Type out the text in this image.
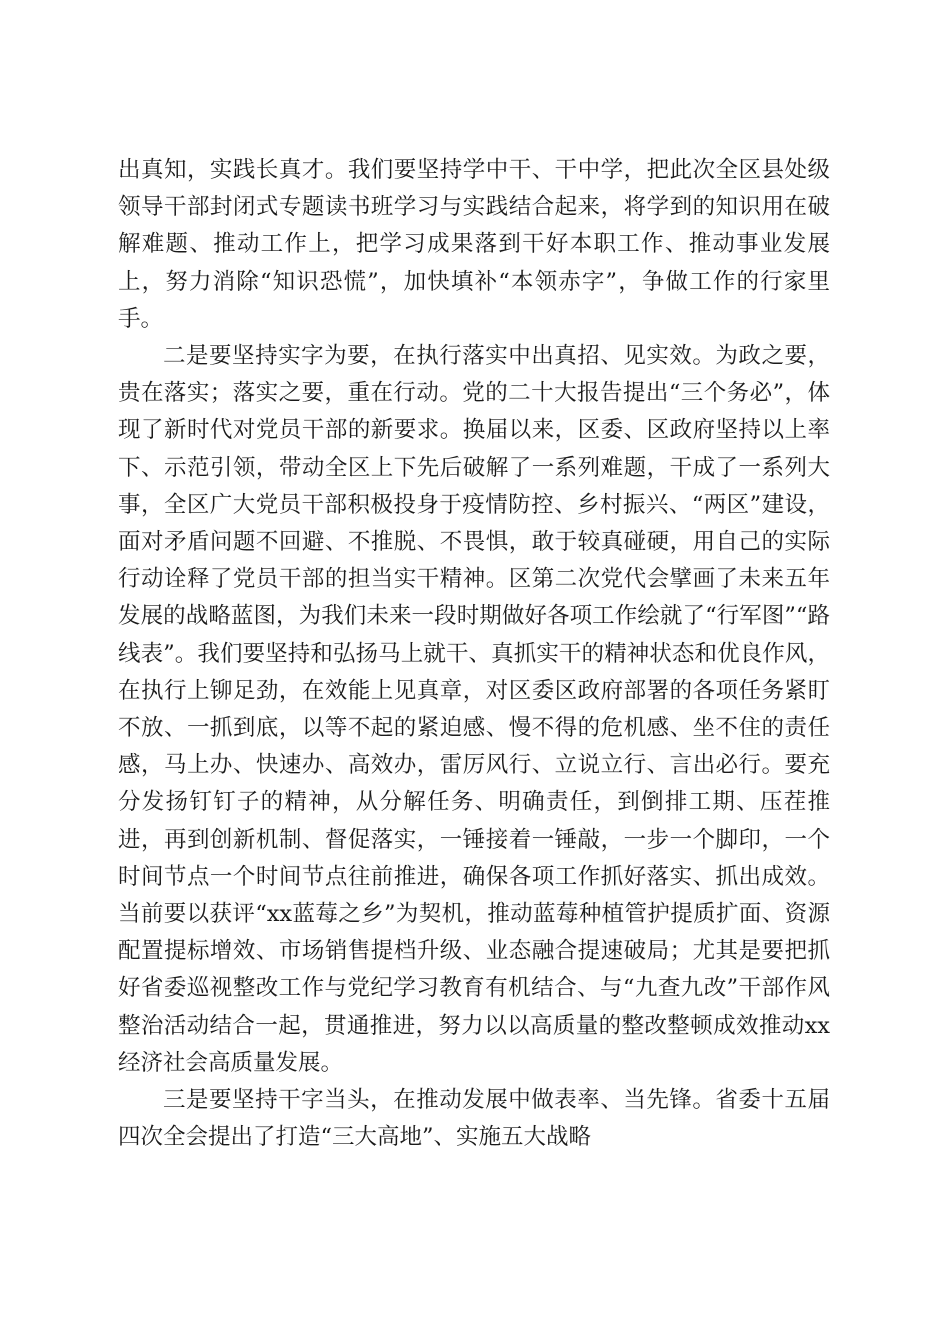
出真知，实践长真才。我们要坚持学中干、干中学，把此次全区县处级领导干部封闭式专题读书班学习与实践结合起来，将学到的知识用在破解难题、推动工作上，把学习成果落到干好本职工作、推动事业发展上，努力消除“知识恐慌”，加快填补“本领赤字”，争做工作的行家里手。

二是要坚持实字为要，在执行落实中出真招、见实效。为政之要，贵在落实；落实之要，重在行动。党的二十大报告提出“三个务必”，体现了新时代对党员干部的新要求。换届以来，区委、区政府坚持以上率下、示范引领，带动全区上下先后破解了一系列难题，干成了一系列大事，全区广大党员干部积极投身于疫情防控、乡村振兴、“两区”建设，面对矛盾问题不回避、不推脱、不畏惧，敢于较真碰硬，用自己的实际行动诠释了党员干部的担当实干精神。区第二次党代会擘画了未来五年发展的战略蓝图，为我们未来一段时期做好各项工作绘就了“行军图”“路线表”。我们要坚持和弘扬马上就干、真抓实干的精神状态和优良作风，在执行上铆足劲，在效能上见真章，对区委区政府部署的各项任务紧盯不放、一抓到底，以等不起的紧迫感、慢不得的危机感、坐不住的责任感，马上办、快速办、高效办，雷厉风行、立说立行、言出必行。要充分发扬钉钉子的精神，从分解任务、明确责任，到倒排工期、压茬推进，再到创新机制、督促落实，一锤接着一锤敲，一步一个脚印，一个时间节点一个时间节点往前推进，确保各项工作抓好落实、抓出成效。当前要以获评“xx蓝莓之乡”为契机，推动蓝莓种植管护提质扩面、资源配置提标增效、市场销售提档升级、业态融合提速破局；尤其是要把抓好省委巡视整改工作与党纪学习教育有机结合、与“九查九改”干部作风整治活动结合一起，贯通推进，努力以以高质量的整改整顿成效推动xx经济社会高质量发展。

三是要坚持干字当头，在推动发展中做表率、当先锋。省委十五届四次全会提出了打造“三大高地”、实施五大战略
